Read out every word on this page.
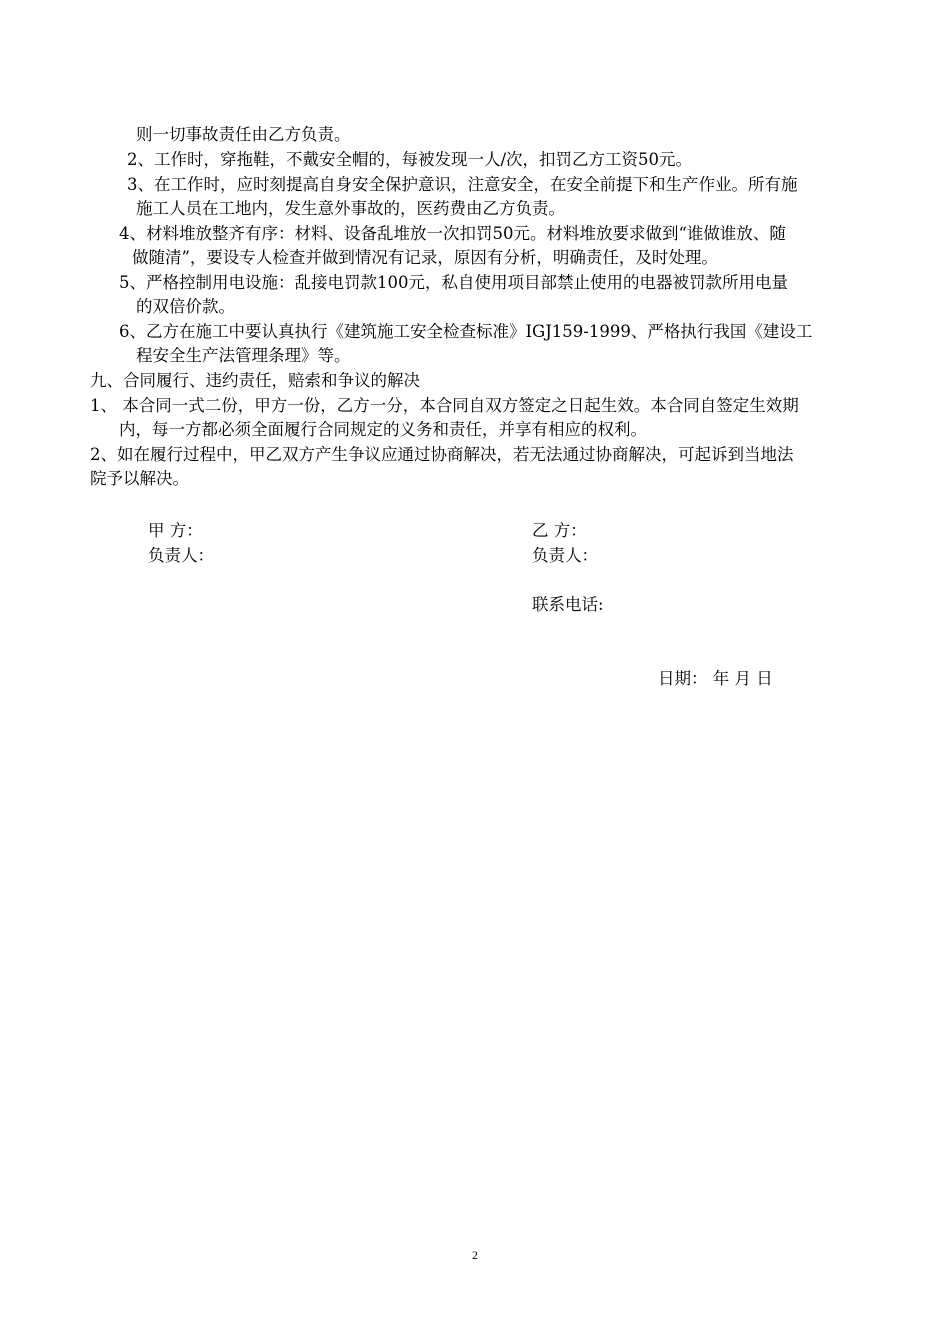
则一切事故责任由乙方负责。
2、工作时，穿拖鞋，不戴安全帽的，每被发现一人/次，扣罚乙方工资50元。
3、在工作时，应时刻提高自身安全保护意识，注意安全，在安全前提下和生产作业。所有施
施工人员在工地内，发生意外事故的，医药费由乙方负责。
4、材料堆放整齐有序：材料、设备乱堆放一次扣罚50元。材料堆放要求做到“谁做谁放、随
做随清”，要设专人检查并做到情况有记录，原因有分析，明确责任，及时处理。
5、严格控制用电设施：乱接电罚款100元，私自使用项目部禁止使用的电器被罚款所用电量
的双倍价款。
6、乙方在施工中要认真执行《建筑施工安全检查标准》IGJ159-1999、严格执行我国《建设工
程安全生产法管理条理》等。
九、合同履行、违约责任，赔索和争议的解决
1、 本合同一式二份，甲方一份，乙方一分，本合同自双方签定之日起生效。本合同自签定生效期
内，每一方都必须全面履行合同规定的义务和责任，并享有相应的权利。
2、如在履行过程中，甲乙双方产生争议应通过协商解决，若无法通过协商解决，可起诉到当地法
院予以解决。
甲 方：
负责人：
乙 方：
负责人：
联系电话:
日期： 年 月 日
2
